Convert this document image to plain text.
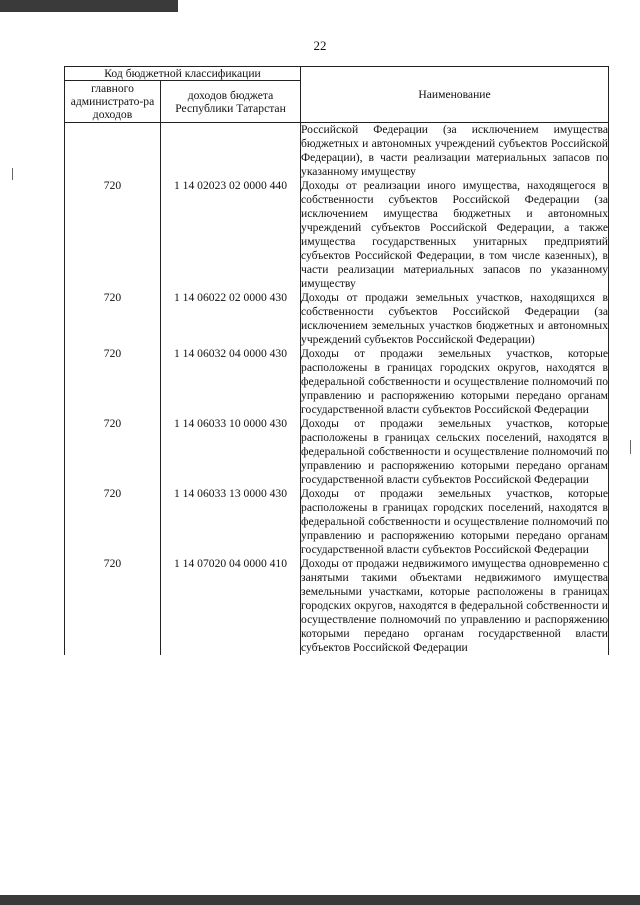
22
Код бюджетной классификации		Наименование
главного администрато-ра доходов	доходов бюджета Республики Татарстан	

		Российской Федерации (за исключением имущества бюджетных и автономных учреждений субъектов Российской Федерации), в части реализации материальных запасов по указанному имуществу

720	1 14 02023 02 0000 440	Доходы от реализации иного имущества, находящегося в собственности субъектов Российской Федерации (за исключением имущества бюджетных и автономных учреждений субъектов Российской Федерации, а также имущества государственных унитарных предприятий субъектов Российской Федерации, в том числе казенных), в части реализации материальных запасов по указанному имуществу

720	1 14 06022 02 0000 430	Доходы от продажи земельных участков, находящихся в собственности субъектов Российской Федерации (за исключением земельных участков бюджетных и автономных учреждений субъектов Российской Федерации)

720	1 14 06032 04 0000 430	Доходы от продажи земельных участков, которые расположены в границах городских округов, находятся в федеральной собственности и осуществление полномочий по управлению и распоряжению которыми передано органам государственной власти субъектов Российской Федерации

720	1 14 06033 10 0000 430	Доходы от продажи земельных участков, которые расположены в границах сельских поселений, находятся в федеральной собственности и осуществление полномочий по управлению и распоряжению которыми передано органам государственной власти субъектов Российской Федерации

720	1 14 06033 13 0000 430	Доходы от продажи земельных участков, которые расположены в границах городских поселений, находятся в федеральной собственности и осуществление полномочий по управлению и распоряжению которыми передано органам государственной власти субъектов Российской Федерации

720	1 14 07020 04 0000 410	Доходы от продажи недвижимого имущества одновременно с занятыми такими объектами недвижимого имущества земельными участками, которые расположены в границах городских округов, находятся в федеральной собственности и осуществление полномочий по управлению и распоряжению которыми передано органам государственной власти субъектов Российской Федерации
